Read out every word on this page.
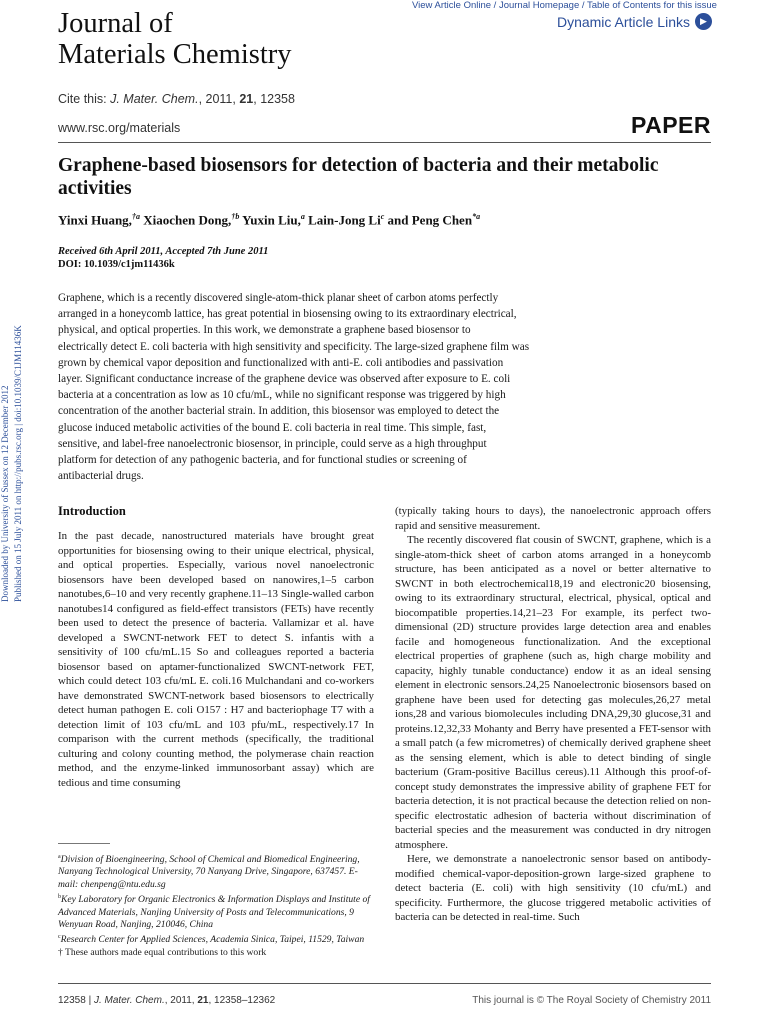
View Article Online / Journal Homepage / Table of Contents for this issue
Dynamic Article Links	▶
Journal of
Materials Chemistry
Cite this: J. Mater. Chem., 2011, 21, 12358
www.rsc.org/materials	PAPER
Graphene-based biosensors for detection of bacteria and their metabolic
activities
Yinxi Huang,$^{\dagger a}$ Xiaochen Dong,$^{\dagger b}$ Yuxin Liu,$^a$ Lain-Jong Li$^c$ and Peng Chen$^{*a}$
Received 6th April 2011, Accepted 7th June 2011
DOI: 10.1039/c1jm11436k
Downloaded by University of Sussex on 12 December 2012 Published on 15 July 2011 on http://pubs.rsc.org | doi:10.1039/C1JM11436K
Graphene, which is a recently discovered single-atom-thick planar sheet of carbon atoms perfectly
arranged in a honeycomb lattice, has great potential in biosensing owing to its extraordinary electrical,
physical, and optical properties. In this work, we demonstrate a graphene based biosensor to
electrically detect E. coli bacteria with high sensitivity and specificity. The large-sized graphene film was
grown by chemical vapor deposition and functionalized with anti-E. coli antibodies and passivation
layer. Significant conductance increase of the graphene device was observed after exposure to E. coli
bacteria at a concentration as low as 10 cfu/mL, while no significant response was triggered by high
concentration of the another bacterial strain. In addition, this biosensor was employed to detect the
glucose induced metabolic activities of the bound E. coli bacteria in real time. This simple, fast,
sensitive, and label-free nanoelectronic biosensor, in principle, could serve as a high throughput
platform for detection of any pathogenic bacteria, and for functional studies or screening of
antibacterial drugs.
Introduction

In the past decade, nanostructured materials have brought great opportunities for biosensing owing to their unique electrical, physical, and optical properties. Especially, various novel nanoelectronic biosensors have been developed based on nanowires,1–5 carbon nanotubes,6–10 and very recently graphene.11–13 Single-walled carbon nanotubes14 configured as field-effect transistors (FETs) have recently been used to detect the presence of bacteria. Vallamizar et al. have developed a SWCNT-network FET to detect S. infantis with a sensitivity of 100 cfu/mL.15 So and colleagues reported a bacteria biosensor based on aptamer-functionalized SWCNT-network FET, which could detect 103 cfu/mL E. coli.16 Mulchandani and co-workers have demonstrated SWCNT-network based biosensors to electrically detect human pathogen E. coli O157 : H7 and bacteriophage T7 with a detection limit of 103 cfu/mL and 103 pfu/mL, respectively.17 In comparison with the current methods (specifically, the traditional culturing and colony counting method, the polymerase chain reaction method, and the enzyme-linked immunosorbant assay) which are tedious and time consuming

$^a$Division of Bioengineering, School of Chemical and Biomedical Engineering, Nanyang Technological University, 70 Nanyang Drive, Singapore, 637457. E-mail: chenpeng@ntu.edu.sg

$^b$Key Laboratory for Organic Electronics & Information Displays and Institute of Advanced Materials, Nanjing University of Posts and Telecommunications, 9 Wenyuan Road, Nanjing, 210046, China

$^c$Research Center for Applied Sciences, Academia Sinica, Taipei, 11529, Taiwan

† These authors made equal contributions to this work

(typically taking hours to days), the nanoelectronic approach offers rapid and sensitive measurement.

The recently discovered flat cousin of SWCNT, graphene, which is a single-atom-thick sheet of carbon atoms arranged in a honeycomb structure, has been anticipated as a novel or better alternative to SWCNT in both electrochemical18,19 and electronic20 biosensing, owing to its extraordinary structural, electrical, physical, optical and biocompatible properties.14,21–23 For example, its perfect two-dimensional (2D) structure provides large detection area and enables facile and homogeneous functionalization. And the exceptional electrical properties of graphene (such as, high charge mobility and capacity, highly tunable conductance) endow it as an ideal sensing element in electronic sensors.24,25 Nanoelectronic biosensors based on graphene have been used for detecting gas molecules,26,27 metal ions,28 and various biomolecules including DNA,29,30 glucose,31 and proteins.12,32,33 Mohanty and Berry have presented a FET-sensor with a small patch (a few micrometres) of chemically derived graphene sheet as the sensing element, which is able to detect binding of single bacterium (Gram-positive Bacillus cereus).11 Although this proof-of-concept study demonstrates the impressive ability of graphene FET for bacteria detection, it is not practical because the detection relied on non-specific electrostatic adhesion of bacteria without discrimination of bacterial species and the measurement was conducted in dry nitrogen atmosphere.

Here, we demonstrate a nanoelectronic sensor based on antibody-modified chemical-vapor-deposition-grown large-sized graphene to detect bacteria (E. coli) with high sensitivity (10 cfu/mL) and specificity. Furthermore, the glucose triggered metabolic activities of bacteria can be detected in real-time. Such

12358 | J. Mater. Chem., 2011, 21, 12358–12362	This journal is © The Royal Society of Chemistry 2011
